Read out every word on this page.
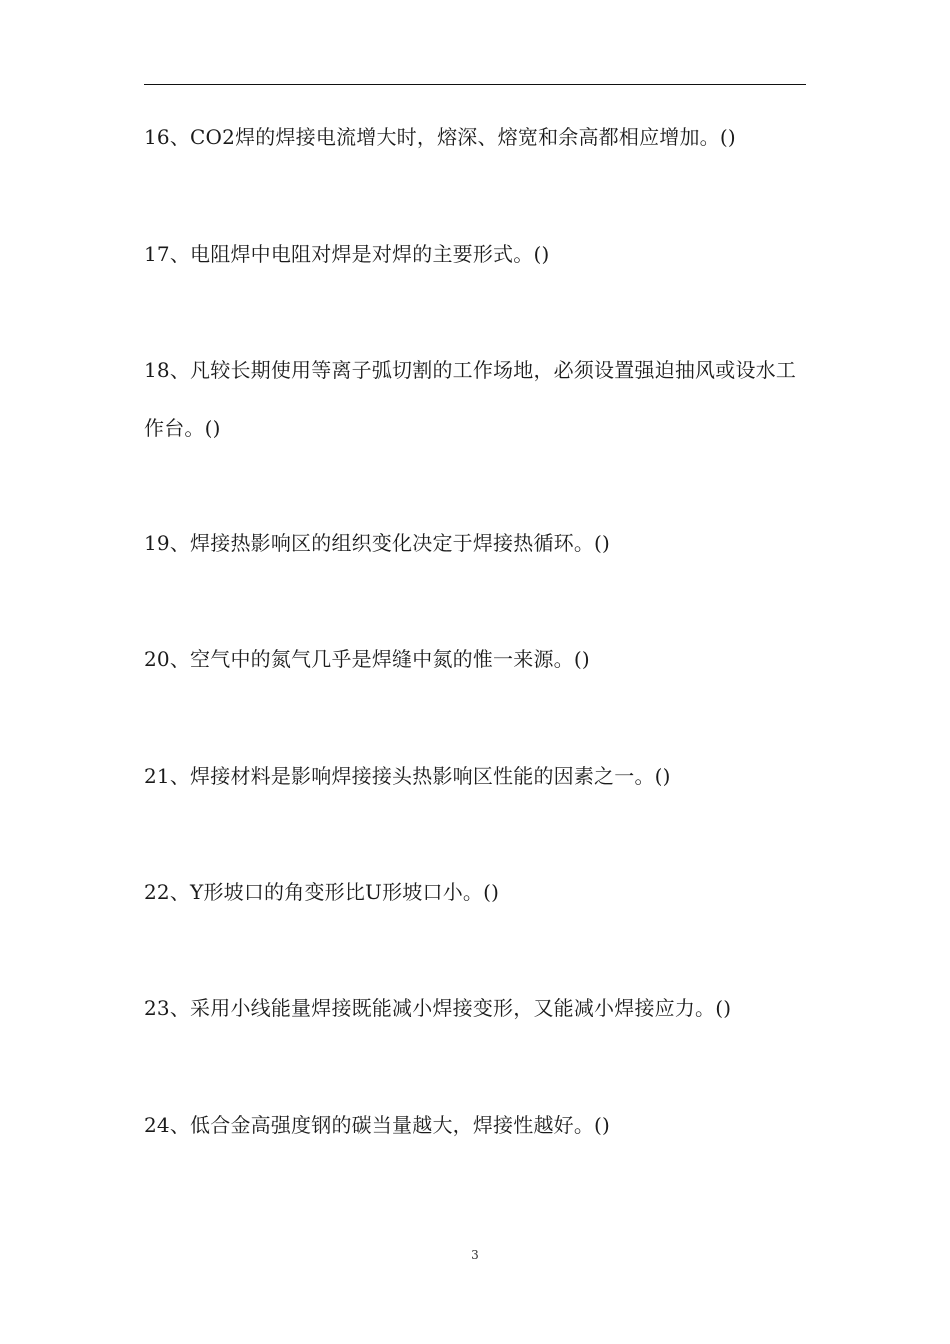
16、CO2焊的焊接电流增大时，熔深、熔宽和余高都相应增加。()

17、电阻焊中电阻对焊是对焊的主要形式。()

18、凡较长期使用等离子弧切割的工作场地，必须设置强迫抽风或设水工作台。()

19、焊接热影响区的组织变化决定于焊接热循环。()

20、空气中的氮气几乎是焊缝中氮的惟一来源。()

21、焊接材料是影响焊接接头热影响区性能的因素之一。()

22、Y形坡口的角变形比U形坡口小。()

23、采用小线能量焊接既能减小焊接变形，又能减小焊接应力。()

24、低合金高强度钢的碳当量越大，焊接性越好。()

3
